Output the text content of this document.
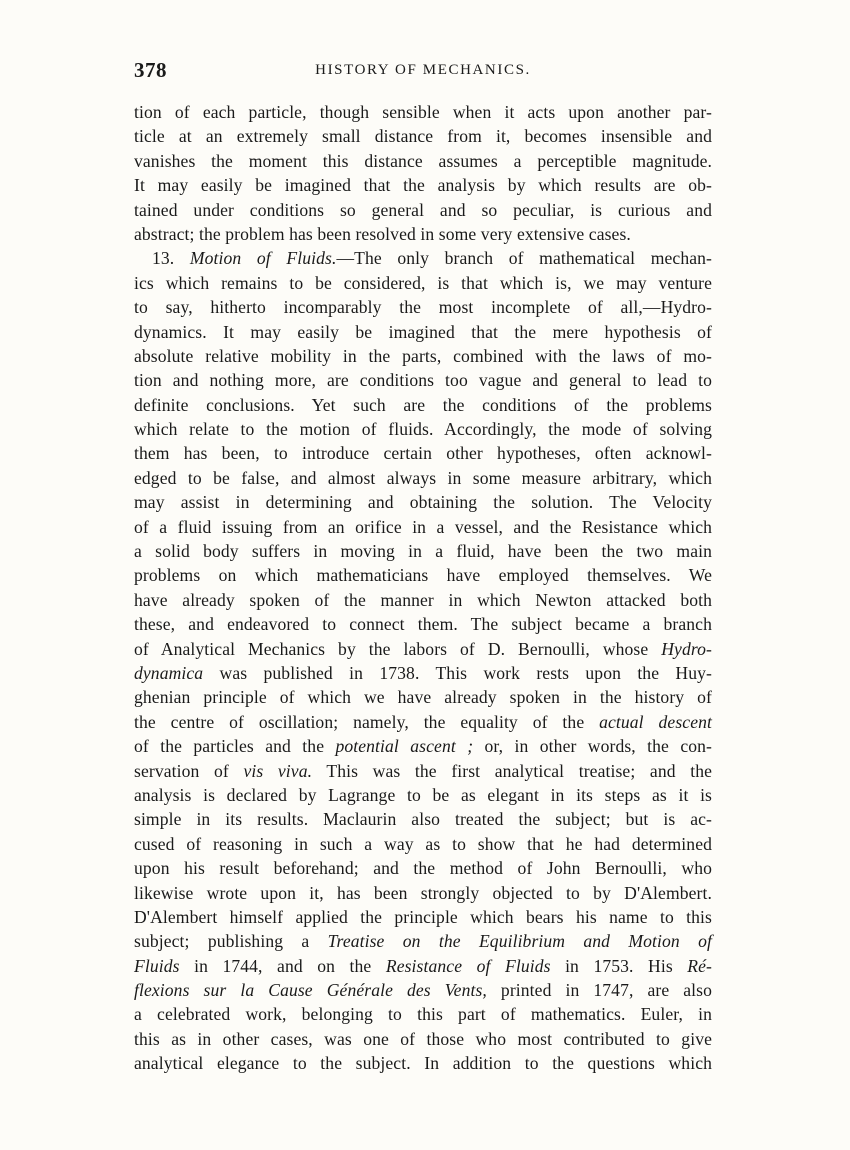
378	HISTORY OF MECHANICS.
tion of each particle, though sensible when it acts upon another par-
ticle at an extremely small distance from it, becomes insensible and
vanishes the moment this distance assumes a perceptible magnitude.
It may easily be imagined that the analysis by which results are ob-
tained under conditions so general and so peculiar, is curious and
abstract; the problem has been resolved in some very extensive cases.
13. Motion of Fluids.—The only branch of mathematical mechan-
ics which remains to be considered, is that which is, we may venture
to say, hitherto incomparably the most incomplete of all,—Hydro-
dynamics. It may easily be imagined that the mere hypothesis of
absolute relative mobility in the parts, combined with the laws of mo-
tion and nothing more, are conditions too vague and general to lead to
definite conclusions. Yet such are the conditions of the problems
which relate to the motion of fluids. Accordingly, the mode of solving
them has been, to introduce certain other hypotheses, often acknowl-
edged to be false, and almost always in some measure arbitrary, which
may assist in determining and obtaining the solution. The Velocity
of a fluid issuing from an orifice in a vessel, and the Resistance which
a solid body suffers in moving in a fluid, have been the two main
problems on which mathematicians have employed themselves. We
have already spoken of the manner in which Newton attacked both
these, and endeavored to connect them. The subject became a branch
of Analytical Mechanics by the labors of D. Bernoulli, whose Hydro-
dynamica was published in 1738. This work rests upon the Huy-
ghenian principle of which we have already spoken in the history of
the centre of oscillation; namely, the equality of the actual descent
of the particles and the potential ascent ; or, in other words, the con-
servation of vis viva. This was the first analytical treatise; and the
analysis is declared by Lagrange to be as elegant in its steps as it is
simple in its results. Maclaurin also treated the subject; but is ac-
cused of reasoning in such a way as to show that he had determined
upon his result beforehand; and the method of John Bernoulli, who
likewise wrote upon it, has been strongly objected to by D'Alembert.
D'Alembert himself applied the principle which bears his name to this
subject; publishing a Treatise on the Equilibrium and Motion of
Fluids in 1744, and on the Resistance of Fluids in 1753. His Ré-
flexions sur la Cause Générale des Vents, printed in 1747, are also
a celebrated work, belonging to this part of mathematics. Euler, in
this as in other cases, was one of those who most contributed to give
analytical elegance to the subject. In addition to the questions which
